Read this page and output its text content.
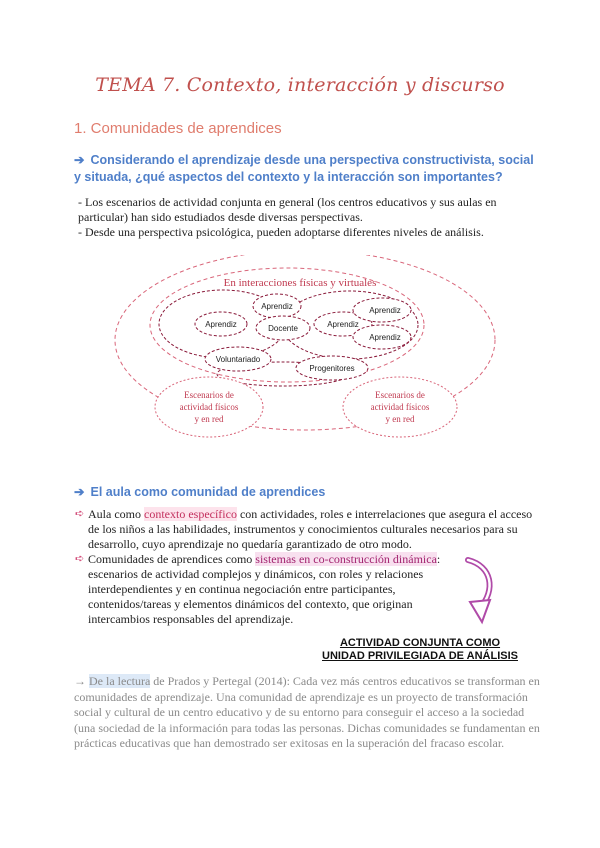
TEMA 7. Contexto, interacción y discurso
1. Comunidades de aprendices
➔ Considerando el aprendizaje desde una perspectiva constructivista, social y situada, ¿qué aspectos del contexto y la interacción son importantes?
- Los escenarios de actividad conjunta en general (los centros educativos y sus aulas en particular) han sido estudiados desde diversas perspectivas.
- Desde una perspectiva psicológica, pueden adoptarse diferentes niveles de análisis.
Aprendiz
Aprendiz	Docente	Aprendiz
Aprendiz
Aprendiz
Voluntariado
Progenitores
En interacciones físicas y virtuales
Escenarios de
actividad físicos
y en red
Escenarios de
actividad físicos
y en red
➔ El aula como comunidad de aprendices
➪ Aula como contexto específico con actividades, roles e interrelaciones que asegura el acceso de los niños a las habilidades, instrumentos y conocimientos culturales necesarios para su desarrollo, cuyo aprendizaje no quedaría garantizado de otro modo.
➪ Comunidades de aprendices como sistemas en co-construcción dinámica: escenarios de actividad complejos y dinámicos, con roles y relaciones interdependientes y en continua negociación entre participantes, contenidos/tareas y elementos dinámicos del contexto, que originan intercambios responsables del aprendizaje.
ACTIVIDAD CONJUNTA COMO
UNIDAD PRIVILEGIADA DE ANÁLISIS
→ De la lectura de Prados y Pertegal (2014): Cada vez más centros educativos se transforman en comunidades de aprendizaje. Una comunidad de aprendizaje es un proyecto de transformación social y cultural de un centro educativo y de su entorno para conseguir el acceso a la sociedad (una sociedad de la información para todas las personas. Dichas comunidades se fundamentan en prácticas educativas que han demostrado ser exitosas en la superación del fracaso escolar.
